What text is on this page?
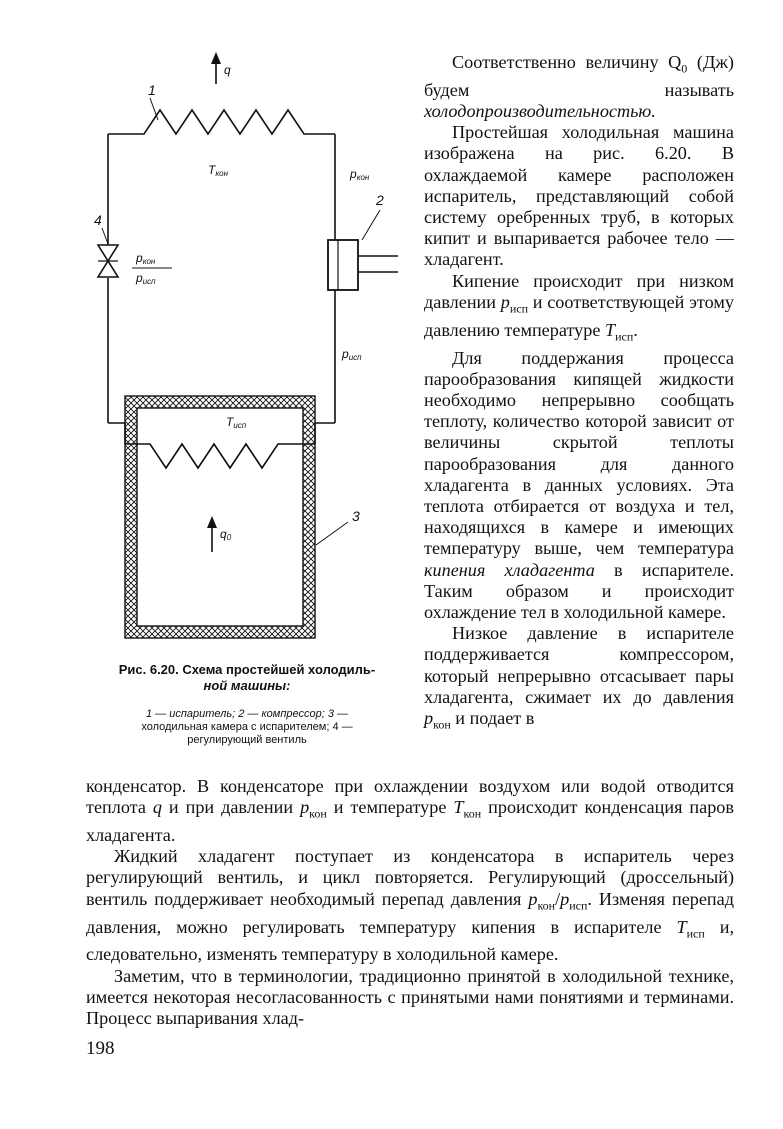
q
1
$T_{кон}$	$p_{кон}$
2
4
$p_{кон}$
$p_{исп}$
$p_{исп}$
$T_{исп}$
$q_0$
3
Рис. 6.20. Схема простейшей холодиль-
ной машины:
1 — испаритель; 2 — компрессор; 3 —
холодильная камера с испарителем; 4 —
регулирующий вентиль

Соответственно величину $Q_0$ (Дж) будем называть холодопроизводительностью.

Простейшая холодильная машина изображена на рис. 6.20. В охлаждаемой камере расположен испаритель, представляющий собой систему оребренных труб, в которых кипит и выпаривается рабочее тело — хладагент.

Кипение происходит при низком давлении $p_{исп}$ и соответствующей этому давлению температуре $T_{исп}$.

Для поддержания процесса парообразования кипящей жидкости необходимо непрерывно сообщать теплоту, количество которой зависит от величины скрытой теплоты парообразования для данного хладагента в данных условиях. Эта теплота отбирается от воздуха и тел, находящихся в камере и имеющих температуру выше, чем температура кипения хладагента в испарителе. Таким образом и происходит охлаждение тел в холодильной камере.

Низкое давление в испарителе поддерживается компрессором, который непрерывно отсасывает пары хладагента, сжимает их до давления $p_{кон}$ и подает в

конденсатор. В конденсаторе при охлаждении воздухом или водой отводится теплота q и при давлении $p_{кон}$ и температуре $T_{кон}$ происходит конденсация паров хладагента.

Жидкий хладагент поступает из конденсатора в испаритель через регулирующий вентиль, и цикл повторяется. Регулирующий (дроссельный) вентиль поддерживает необходимый перепад давления $p_{кон}/p_{исп}$. Изменяя перепад давления, можно регулировать температуру кипения в испарителе $T_{исп}$ и, следовательно, изменять температуру в холодильной камере.

Заметим, что в терминологии, традиционно принятой в холодильной технике, имеется некоторая несогласованность с принятыми нами понятиями и терминами. Процесс выпаривания хлад-

198
